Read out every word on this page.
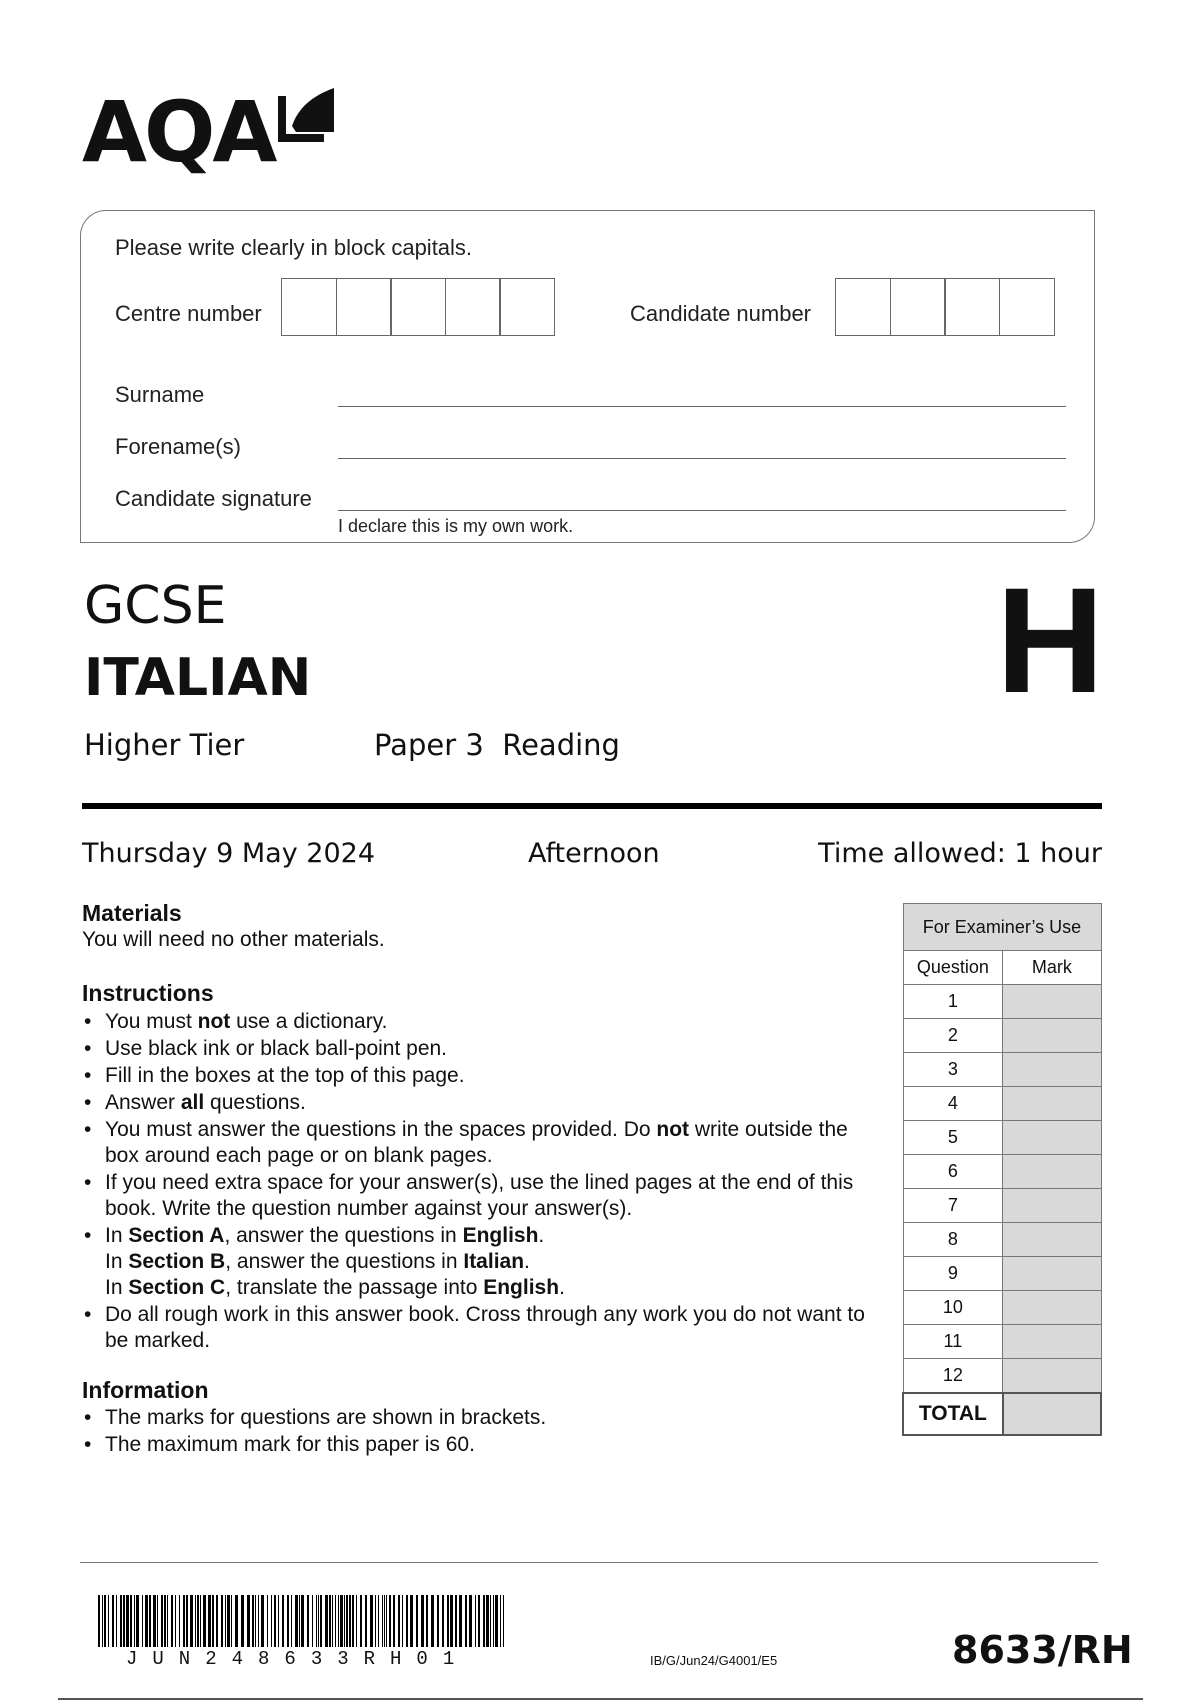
AQA
Please write clearly in block capitals.
Centre number	Candidate number
Surname
Forename(s)
Candidate signature
I declare this is my own work.
GCSE
ITALIAN
Higher Tier	Paper 3  Reading
H
Thursday 9 May 2024	Afternoon	Time allowed: 1 hour
Materials
You will need no other materials.
Instructions
• You must not use a dictionary.
• Use black ink or black ball-point pen.
• Fill in the boxes at the top of this page.
• Answer all questions.
• You must answer the questions in the spaces provided. Do not write outside the box around each page or on blank pages.
• If you need extra space for your answer(s), use the lined pages at the end of this book. Write the question number against your answer(s).
• In Section A, answer the questions in English.
In Section B, answer the questions in Italian.
In Section C, translate the passage into English.
• Do all rough work in this answer book. Cross through any work you do not want to be marked.
Information
• The marks for questions are shown in brackets.
• The maximum mark for this paper is 60.
For Examiner’s Use	
Question	Mark
1	
2	
3	
4	
5	
6	
7	
8	
9	
10	
11	
12	
TOTAL	
JUN248633RH01	IB/G/Jun24/G4001/E5	8633/RH
